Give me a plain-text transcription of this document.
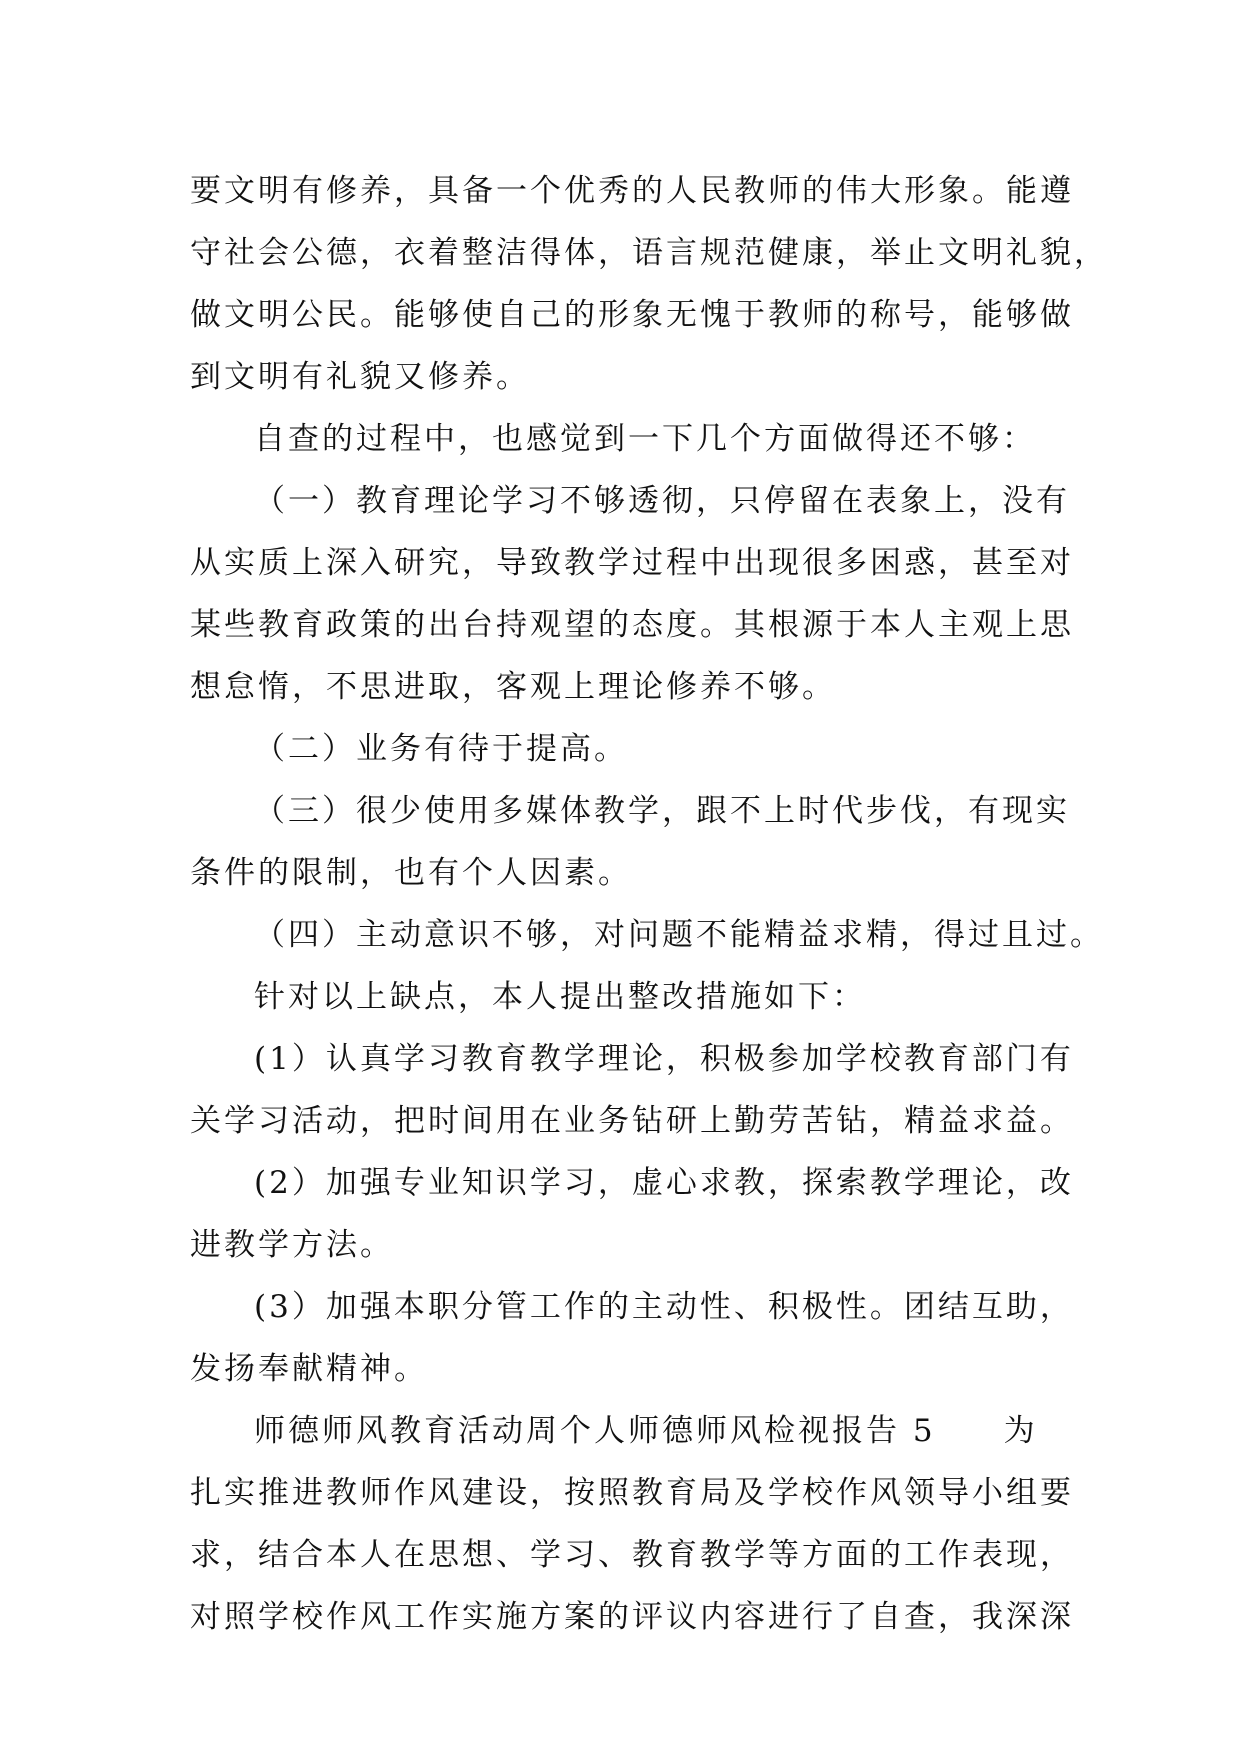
要文明有修养，具备一个优秀的人民教师的伟大形象。能遵
守社会公德，衣着整洁得体，语言规范健康，举止文明礼貌，
做文明公民。能够使自己的形象无愧于教师的称号，能够做
到文明有礼貌又修养。
自查的过程中，也感觉到一下几个方面做得还不够：
（一）教育理论学习不够透彻，只停留在表象上，没有
从实质上深入研究，导致教学过程中出现很多困惑，甚至对
某些教育政策的出台持观望的态度。其根源于本人主观上思
想怠惰，不思进取，客观上理论修养不够。
（二）业务有待于提高。
（三）很少使用多媒体教学，跟不上时代步伐，有现实
条件的限制，也有个人因素。
（四）主动意识不够，对问题不能精益求精，得过且过。
针对以上缺点，本人提出整改措施如下：
(1）认真学习教育教学理论，积极参加学校教育部门有
关学习活动，把时间用在业务钻研上勤劳苦钻，精益求益。
(2）加强专业知识学习，虚心求教，探索教学理论，改
进教学方法。
(3）加强本职分管工作的主动性、积极性。团结互助，
发扬奉献精神。
师德师风教育活动周个人师德师风检视报告 5　　为
扎实推进教师作风建设，按照教育局及学校作风领导小组要
求，结合本人在思想、学习、教育教学等方面的工作表现，
对照学校作风工作实施方案的评议内容进行了自查，我深深
